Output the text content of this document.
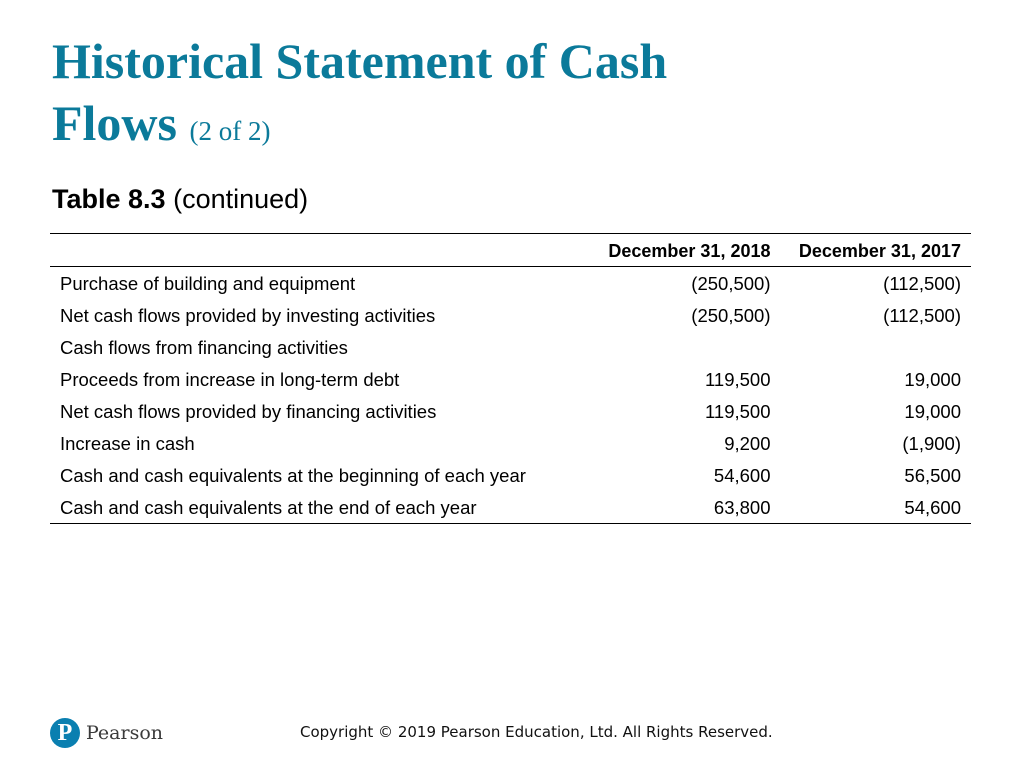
Historical Statement of Cash Flows (2 of 2)
Table 8.3 (continued)
	December 31, 2018	December 31, 2017
Purchase of building and equipment	(250,500)	(112,500)
Net cash flows provided by investing activities	(250,500)	(112,500)
Cash flows from financing activities		
Proceeds from increase in long-term debt	119,500	19,000
Net cash flows provided by financing activities	119,500	19,000
Increase in cash	9,200	(1,900)
Cash and cash equivalents at the beginning of each year	54,600	56,500
Cash and cash equivalents at the end of each year	63,800	54,600
P Pearson	Copyright © 2019 Pearson Education, Ltd. All Rights Reserved.
